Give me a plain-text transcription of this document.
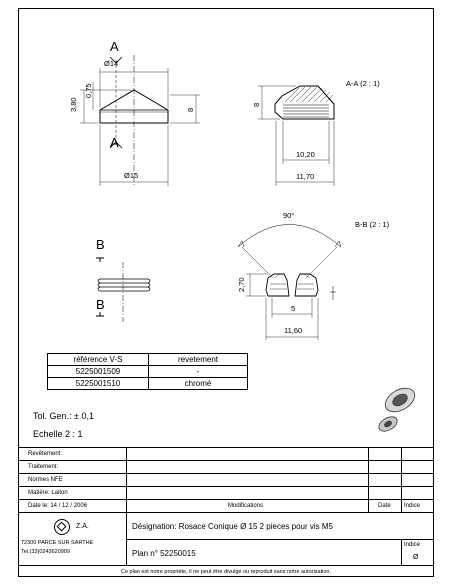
Ø14
A
A
3,80
0,75
8
Ø15
A-A (2 : 1)
8
10,20
11,70
B
B
B-B (2 : 1)
90°
2,70
5
11,60
référence V-S	revetement
5225001509	-
5225001510	chromé
Tol. Gen.: ± 0,1
Echelle 2 : 1
Revêtement:
Traitement:
Normes NFE
Matière: Laiton
Date le: 14 / 12 / 2006	Modifications	Date Indice
Z.A.
72300 PARCE SUR SARTHE
Tel.(33)0243620909
Désignation: Rosace Conique Ø 15 2 pieces pour vis M5
Plan n° 52250015
Indice
Ø
Ce plan est notre propriéte, il ne peut être divulgé ou reproduit sans notre autorisation.
